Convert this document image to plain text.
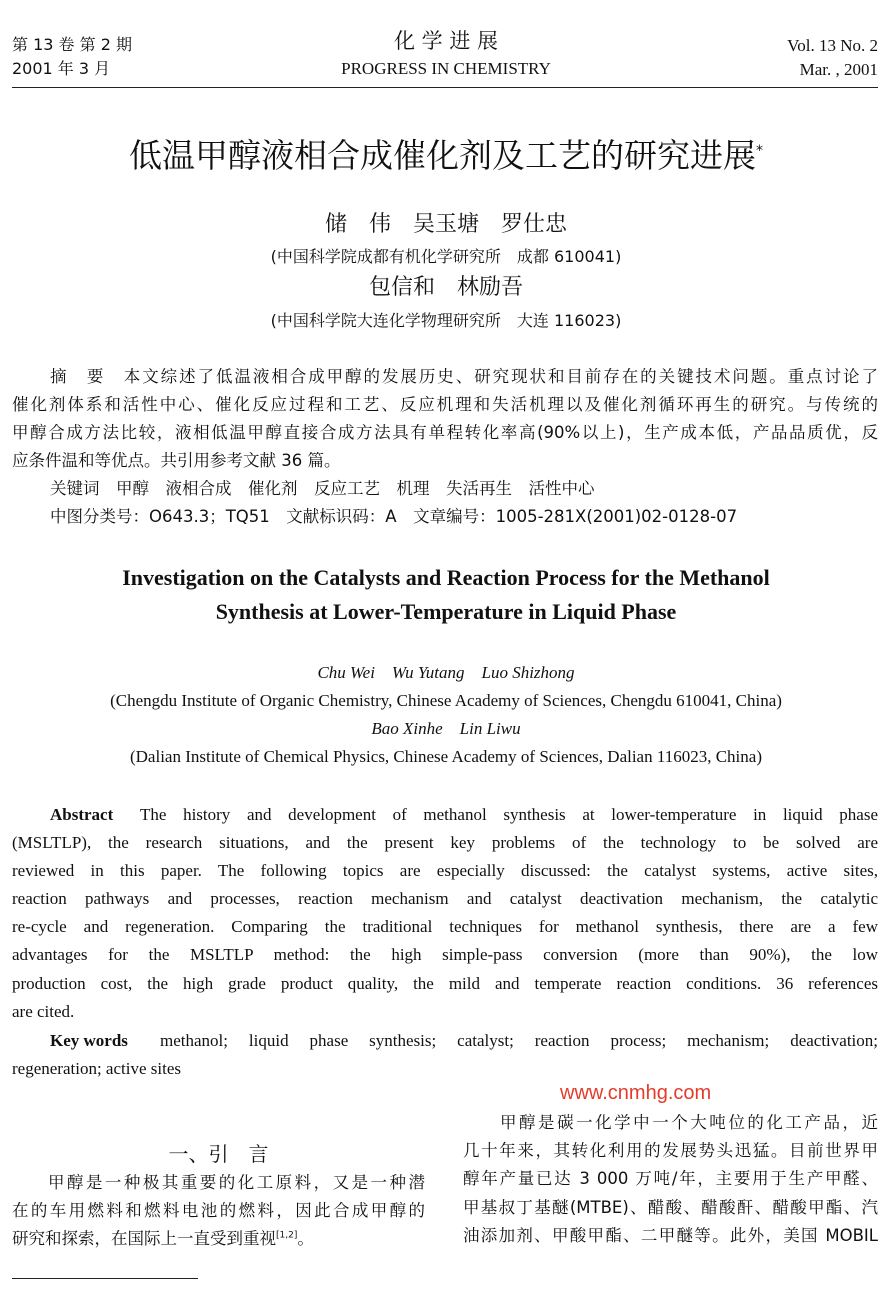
第 13 卷 第 2 期
2001 年 3 月
化 学 进 展
PROGRESS IN CHEMISTRY
Vol. 13 No. 2
Mar. , 2001
低温甲醇液相合成催化剂及工艺的研究进展*
储　伟　吴玉塘　罗仕忠
(中国科学院成都有机化学研究所　成都 610041)
包信和　林励吾
(中国科学院大连化学物理研究所　大连 116023)
摘　要　本文综述了低温液相合成甲醇的发展历史、研究现状和目前存在的关键技术问题。重点讨论了
催化剂体系和活性中心、催化反应过程和工艺、反应机理和失活机理以及催化剂循环再生的研究。与传统的
甲醇合成方法比较，液相低温甲醇直接合成方法具有单程转化率高(90%以上)，生产成本低，产品品质优，反
应条件温和等优点。共引用参考文献 36 篇。
关键词　甲醇　液相合成　催化剂　反应工艺　机理　失活再生　活性中心
中图分类号：O643.3；TQ51　文献标识码：A　文章编号：1005-281X(2001)02-0128-07
Investigation on the Catalysts and Reaction Process for the Methanol
Synthesis at Lower-Temperature in Liquid Phase
Chu Wei　Wu Yutang　Luo Shizhong
(Chengdu Institute of Organic Chemistry, Chinese Academy of Sciences, Chengdu 610041, China)
Bao Xinhe　Lin Liwu
(Dalian Institute of Chemical Physics, Chinese Academy of Sciences, Dalian 116023, China)
Abstract The history and development of methanol synthesis at lower-temperature in liquid phase
(MSLTLP), the research situations, and the present key problems of the technology to be solved are
reviewed in this paper. The following topics are especially discussed: the catalyst systems, active sites,
reaction pathways and processes, reaction mechanism and catalyst deactivation mechanism, the catalytic
re-cycle and regeneration. Comparing the traditional techniques for methanol synthesis, there are a few
advantages for the MSLTLP method: the high simple-pass conversion (more than 90%), the low
production cost, the high grade product quality, the mild and temperate reaction conditions. 36 references
are cited.
Key words methanol; liquid phase synthesis; catalyst; reaction process; mechanism; deactivation;
regeneration; active sites
一、引　言
甲醇是一种极其重要的化工原料，又是一种潜
在的车用燃料和燃料电池的燃料，因此合成甲醇的
研究和探索，在国际上一直受到重视[1,2]。
甲醇是碳一化学中一个大吨位的化工产品，近
几十年来，其转化利用的发展势头迅猛。目前世界甲
醇年产量已达 3 000 万吨/年，主要用于生产甲醛、
甲基叔丁基醚(MTBE)、醋酸、醋酸酐、醋酸甲酯、汽
油添加剂、甲酸甲酯、二甲醚等。此外，美国 MOBIL
www.cnmhg.com
